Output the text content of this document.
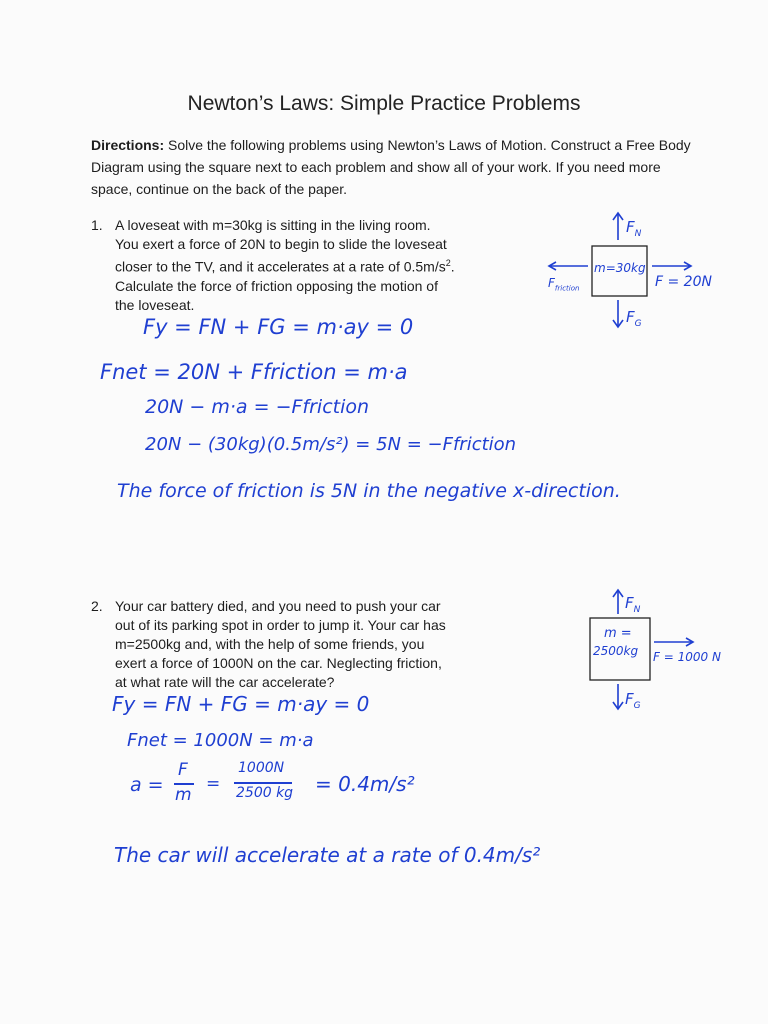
Newton’s Laws: Simple Practice Problems
Directions: Solve the following problems using Newton’s Laws of Motion. Construct a Free Body
Diagram using the square next to each problem and show all of your work. If you need more
space, continue on the back of the paper.
1. A loveseat with m=30kg is sitting in the living room.
You exert a force of 20N to begin to slide the loveseat
closer to the TV, and it accelerates at a rate of $0.5m/s^2$.
Calculate the force of friction opposing the motion of
the loveseat.
m=30kg
$F_N$
$F_G$
F = 20N
$F_{friction}$
Fy = FN + FG = m·ay = 0
Fnet = 20N + Ffriction = m·a
20N − m·a = −Ffriction
20N − (30kg)(0.5m/s²) = 5N = −Ffriction
The force of friction is 5N in the negative x-direction.
2. Your car battery died, and you need to push your car
out of its parking spot in order to jump it. Your car has
m=2500kg and, with the help of some friends, you
exert a force of 1000N on the car. Neglecting friction,
at what rate will the car accelerate?
m =
2500kg
$F_N$
$F_G$
F = 1000 N
Fy = FN + FG = m·ay = 0
Fnet = 1000N = m·a
a =
F
m
=
1000N
2500 kg = 0.4m/s²
The car will accelerate at a rate of 0.4m/s²
